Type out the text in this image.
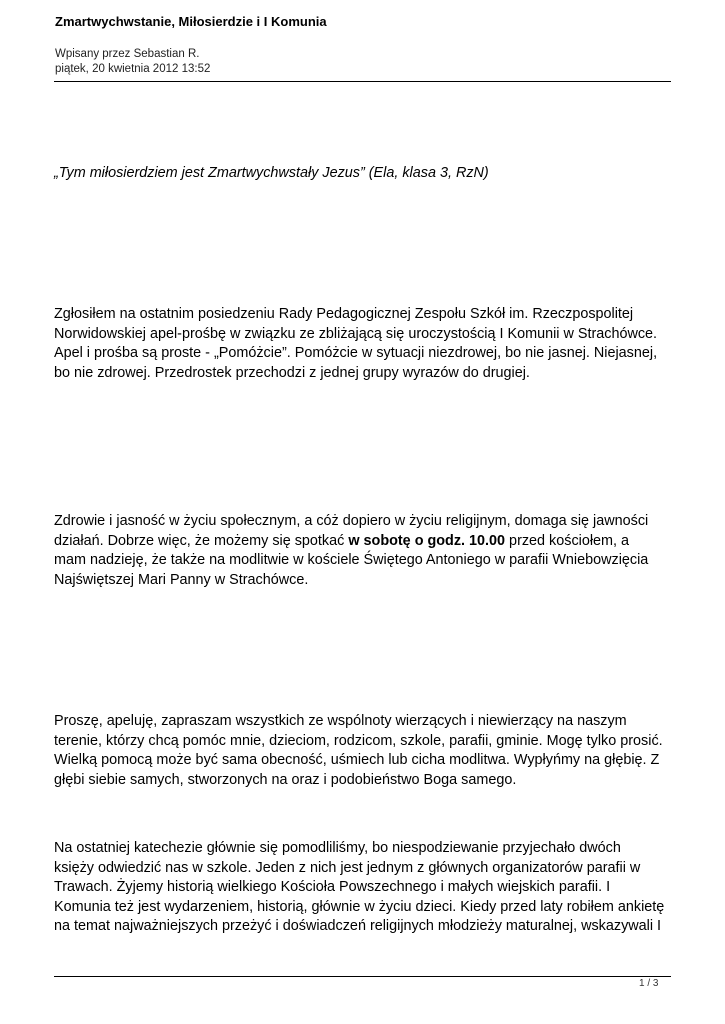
Zmartwychwstanie, Miłosierdzie i I Komunia
Wpisany przez Sebastian R.
piątek, 20 kwietnia 2012 13:52
„Tym miłosierdziem jest Zmartwychwstały Jezus” (Ela, klasa 3, RzN)
Zgłosiłem na ostatnim posiedzeniu Rady Pedagogicznej Zespołu Szkół im. Rzeczpospolitej
Norwidowskiej apel-prośbę w związku ze zbliżającą się uroczystością I Komunii w Strachówce.
Apel i prośba są proste - „Pomóżcie”. Pomóżcie w sytuacji niezdrowej, bo nie jasnej. Niejasnej,
bo nie zdrowej. Przedrostek przechodzi z jednej grupy wyrazów do drugiej.
Zdrowie i jasność w życiu społecznym, a cóż dopiero w życiu religijnym, domaga się jawności
działań. Dobrze więc, że możemy się spotkać w sobotę o godz. 10.00 przed kościołem, a
mam nadzieję, że także na modlitwie w kościele Świętego Antoniego w parafii Wniebowzięcia
Najświętszej Mari Panny w Strachówce.
Proszę, apeluję, zapraszam wszystkich ze wspólnoty wierzących i niewierzący na naszym
terenie, którzy chcą pomóc mnie, dzieciom, rodzicom, szkole, parafii, gminie. Mogę tylko prosić.
Wielką pomocą może być sama obecność, uśmiech lub cicha modlitwa. Wypłyńmy na głębię. Z
głębi siebie samych, stworzonych na oraz i podobieństwo Boga samego.
Na ostatniej katechezie głównie się pomodliliśmy, bo niespodziewanie przyjechało dwóch
księży odwiedzić nas w szkole. Jeden z nich jest jednym z głównych organizatorów parafii w
Trawach. Żyjemy historią wielkiego Kościoła Powszechnego i małych wiejskich parafii. I
Komunia też jest wydarzeniem, historią, głównie w życiu dzieci. Kiedy przed laty robiłem ankietę
na temat najważniejszych przeżyć i doświadczeń religijnych młodzieży maturalnej, wskazywali I
1 / 3
